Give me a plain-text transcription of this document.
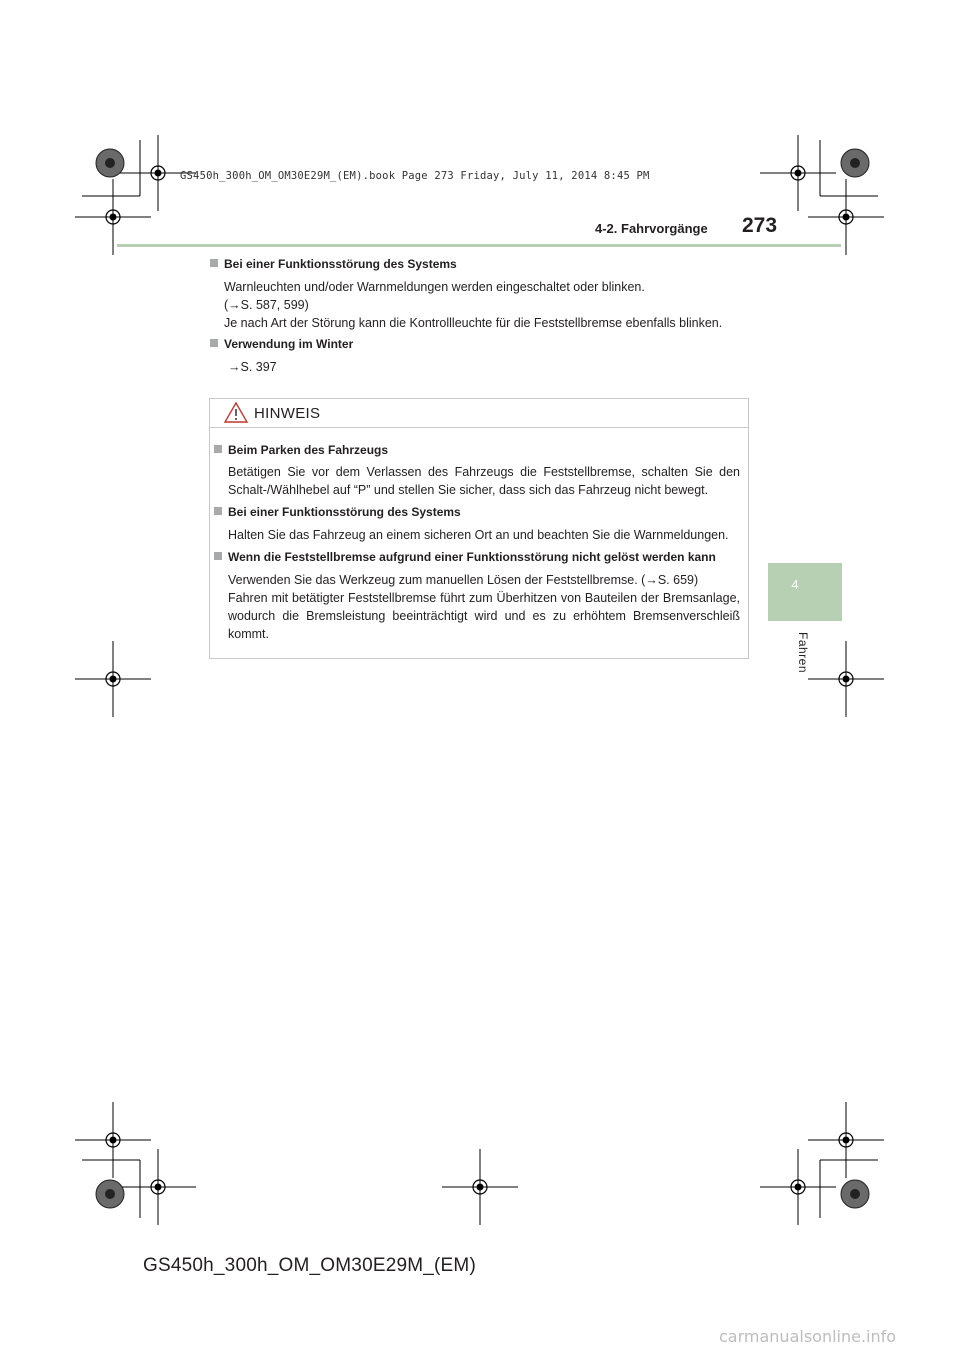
GS450h_300h_OM_OM30E29M_(EM).book Page 273 Friday, July 11, 2014 8:45 PM
4-2. Fahrvorgänge 273
4
Fahren
Bei einer Funktionsstörung des Systems
Warnleuchten und/oder Warnmeldungen werden eingeschaltet oder blinken.
(→S. 587, 599)
Je nach Art der Störung kann die Kontrollleuchte für die Feststellbremse ebenfalls blinken.
Verwendung im Winter
→S. 397
HINWEIS
Beim Parken des Fahrzeugs
Betätigen Sie vor dem Verlassen des Fahrzeugs die Feststellbremse, schalten Sie den Schalt-/Wählhebel auf “P” und stellen Sie sicher, dass sich das Fahrzeug nicht bewegt.
Bei einer Funktionsstörung des Systems
Halten Sie das Fahrzeug an einem sicheren Ort an und beachten Sie die Warnmeldungen.
Wenn die Feststellbremse aufgrund einer Funktionsstörung nicht gelöst werden kann
Verwenden Sie das Werkzeug zum manuellen Lösen der Feststellbremse. (→S. 659)
Fahren mit betätigter Feststellbremse führt zum Überhitzen von Bauteilen der Bremsanlage, wodurch die Bremsleistung beeinträchtigt wird und es zu erhöhtem Bremsenverschleiß kommt.
GS450h_300h_OM_OM30E29M_(EM)
carmanualsonline.info
